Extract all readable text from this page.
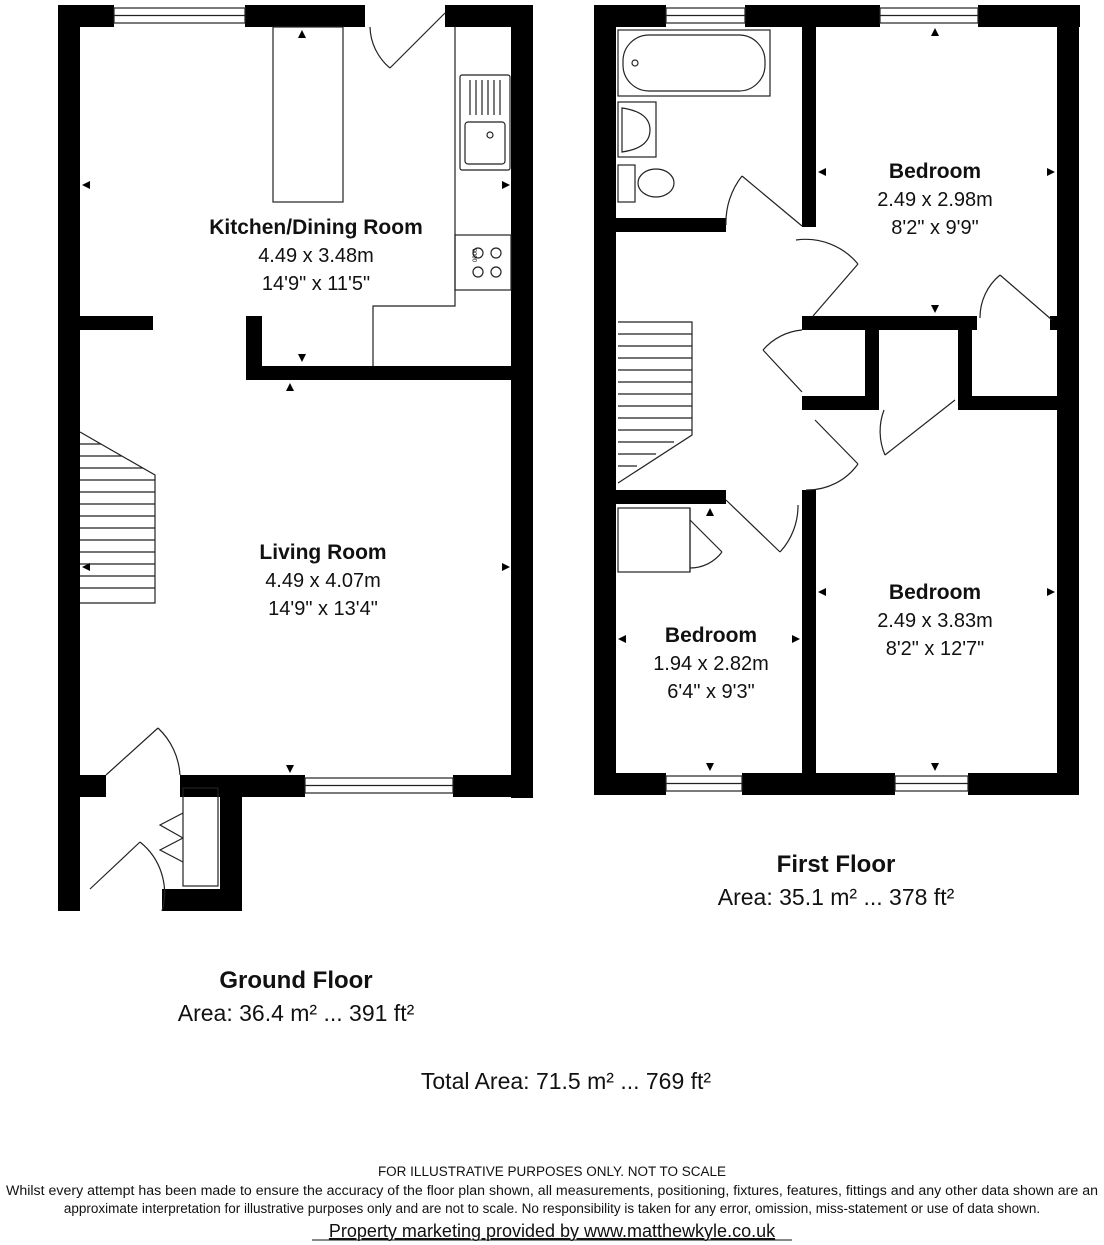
0000
Kitchen/Dining Room
4.49 x 3.48m
14'9" x 11'5"
Living Room
4.49 x 4.07m
14'9" x 13'4"
Bedroom
2.49 x 2.98m
8'2" x 9'9"
Bedroom
1.94 x 2.82m
6'4" x 9'3"
Bedroom
2.49 x 3.83m
8'2" x 12'7"
First Floor
Area: 35.1 m² ... 378 ft²
Ground Floor
Area: 36.4 m² ... 391 ft²
Total Area: 71.5 m² ... 769 ft²
FOR ILLUSTRATIVE PURPOSES ONLY. NOT TO SCALE
Whilst every attempt has been made to ensure the accuracy of the floor plan shown, all measurements, positioning, fixtures, features, fittings and any other data shown are an
approximate interpretation for illustrative purposes only and are not to scale. No responsibility is taken for any error, omission, miss-statement or use of data shown.
Property marketing provided by www.matthewkyle.co.uk
